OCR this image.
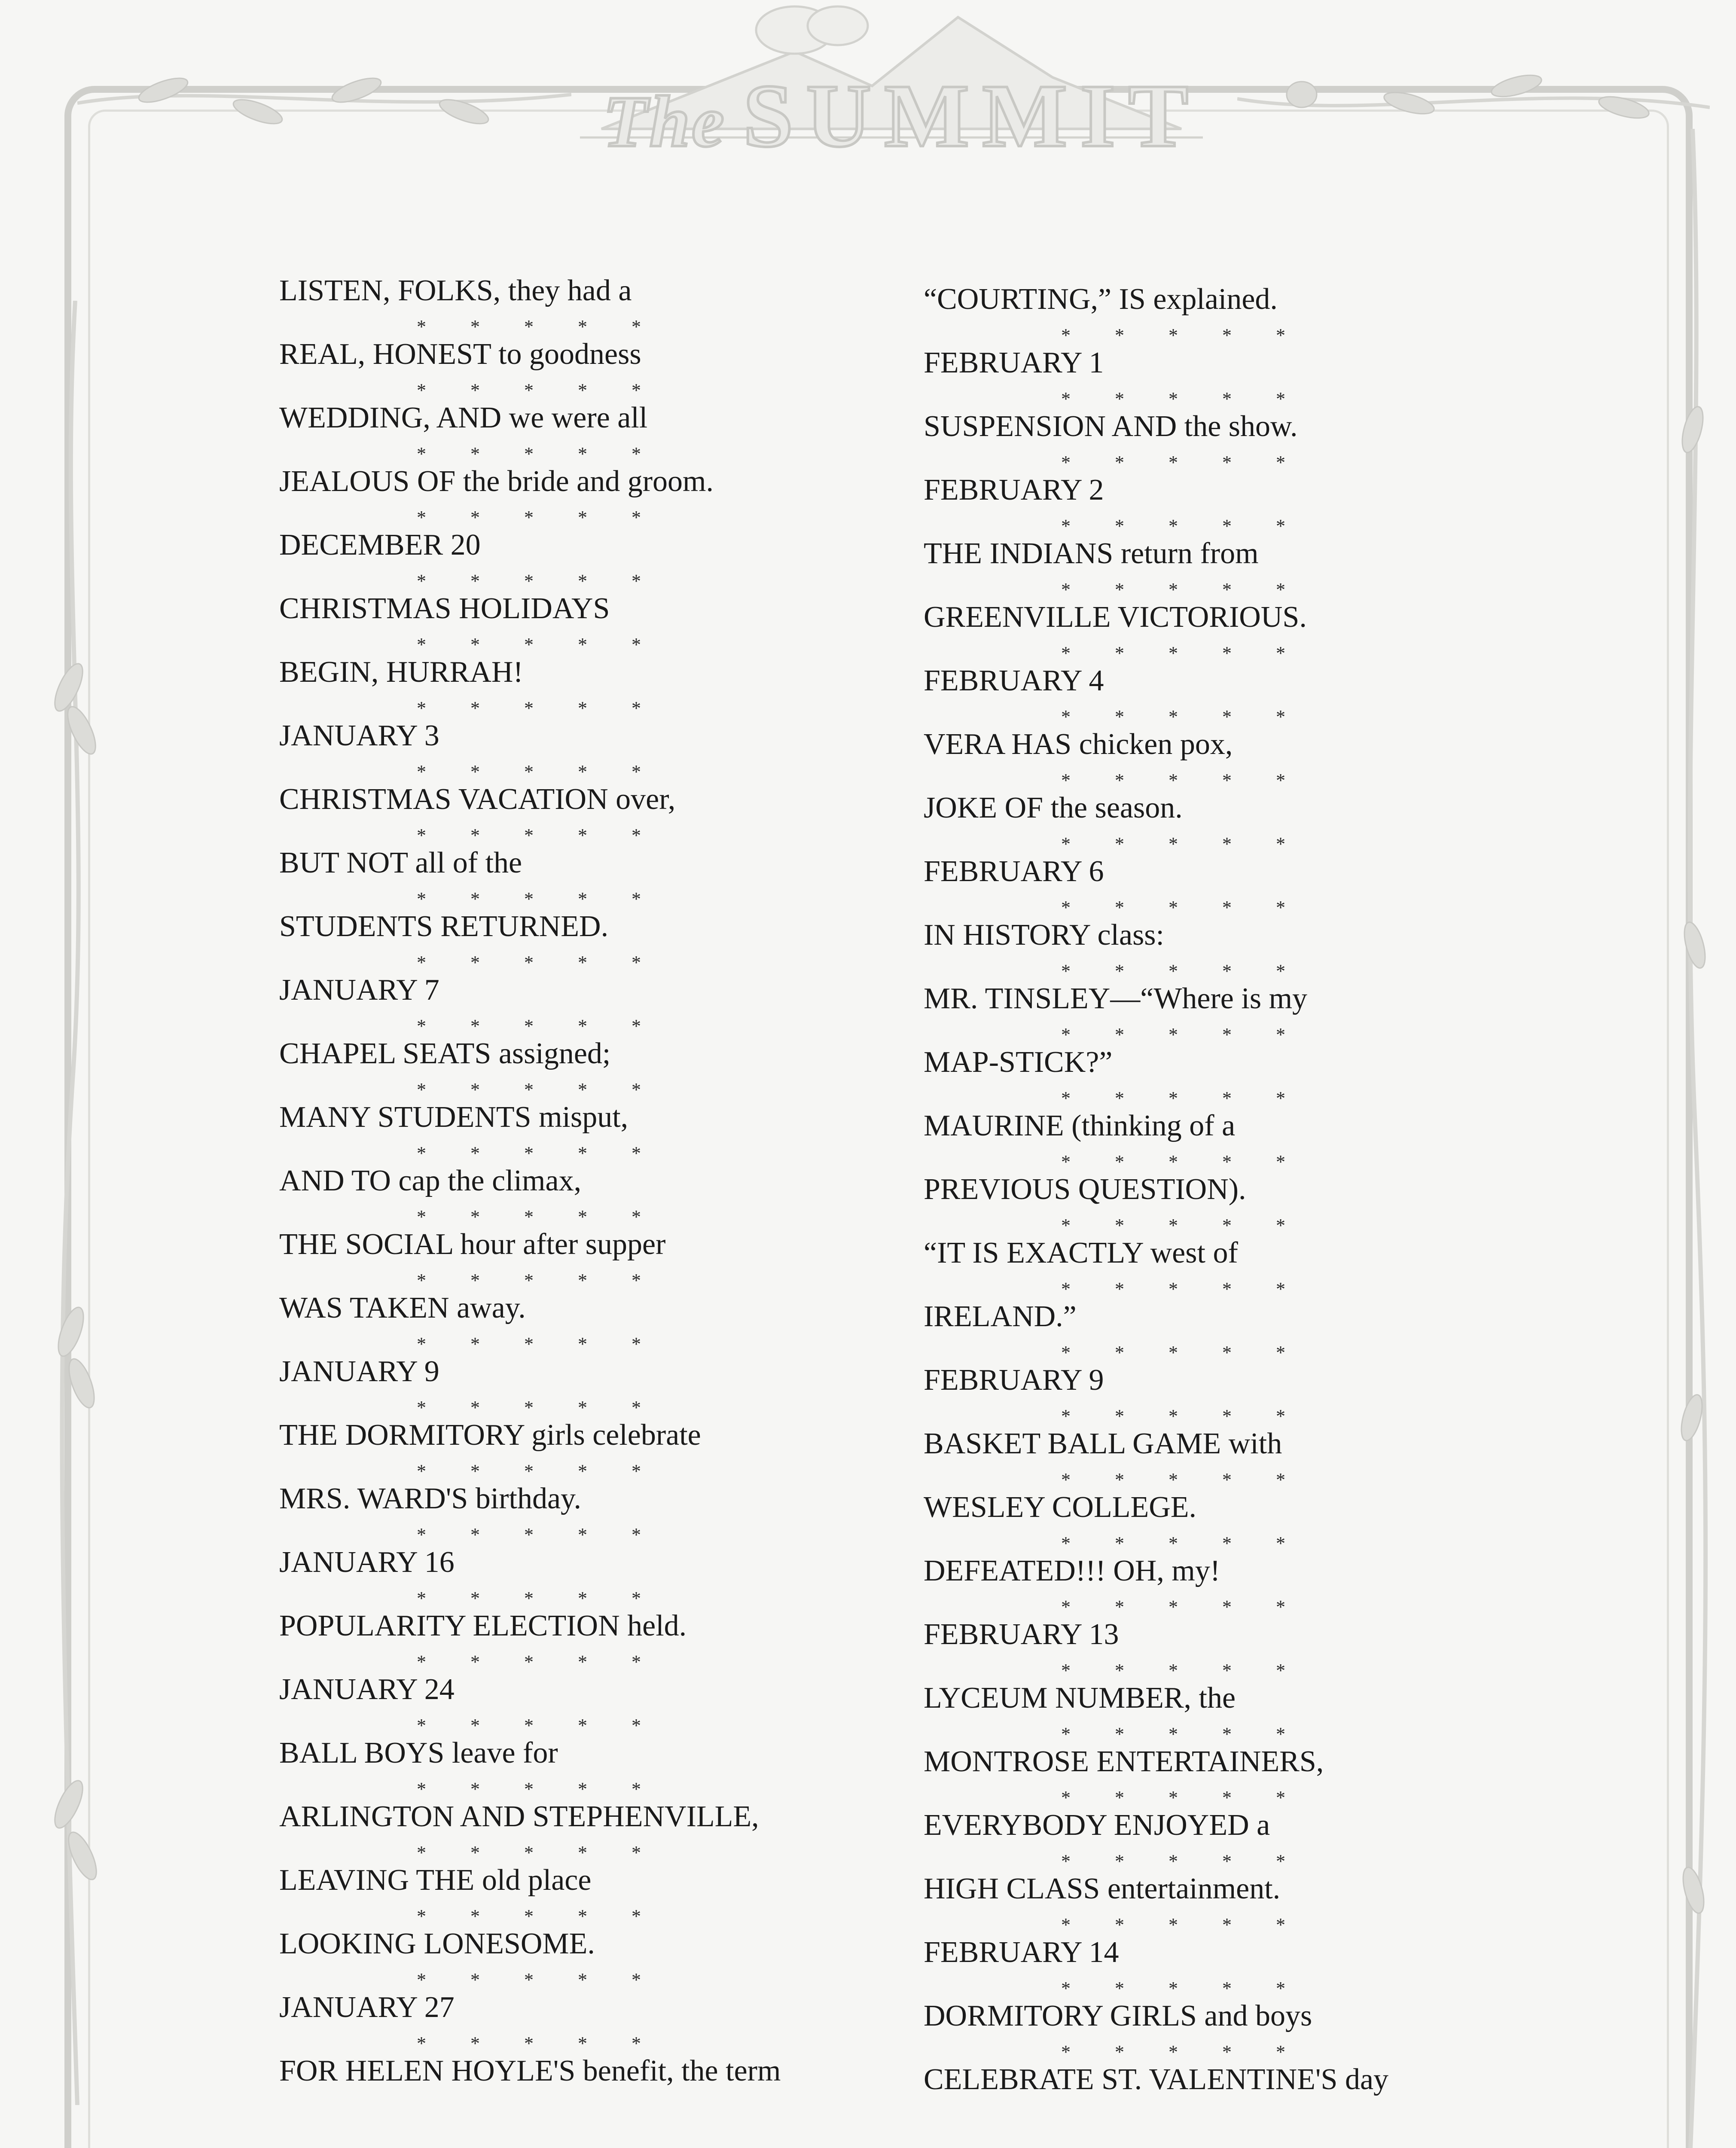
The SUMMIT
LISTEN, FOLKS, they had a
* * * * *
REAL, HONEST to goodness
* * * * *
WEDDING, AND we were all
* * * * *
JEALOUS OF the bride and groom.
* * * * *
DECEMBER 20
* * * * *
CHRISTMAS HOLIDAYS
* * * * *
BEGIN, HURRAH!
* * * * *
JANUARY 3
* * * * *
CHRISTMAS VACATION over,
* * * * *
BUT NOT all of the
* * * * *
STUDENTS RETURNED.
* * * * *
JANUARY 7
* * * * *
CHAPEL SEATS assigned;
* * * * *
MANY STUDENTS misput,
* * * * *
AND TO cap the climax,
* * * * *
THE SOCIAL hour after supper
* * * * *
WAS TAKEN away.
* * * * *
JANUARY 9
* * * * *
THE DORMITORY girls celebrate
* * * * *
MRS. WARD'S birthday.
* * * * *
JANUARY 16
* * * * *
POPULARITY ELECTION held.
* * * * *
JANUARY 24
* * * * *
BALL BOYS leave for
* * * * *
ARLINGTON AND STEPHENVILLE,
* * * * *
LEAVING THE old place
* * * * *
LOOKING LONESOME.
* * * * *
JANUARY 27
* * * * *
FOR HELEN HOYLE'S benefit, the term
“COURTING,” IS explained.
* * * * *
FEBRUARY 1
* * * * *
SUSPENSION AND the show.
* * * * *
FEBRUARY 2
* * * * *
THE INDIANS return from
* * * * *
GREENVILLE VICTORIOUS.
* * * * *
FEBRUARY 4
* * * * *
VERA HAS chicken pox,
* * * * *
JOKE OF the season.
* * * * *
FEBRUARY 6
* * * * *
IN HISTORY class:
* * * * *
MR. TINSLEY—“Where is my
* * * * *
MAP-STICK?”
* * * * *
MAURINE (thinking of a
* * * * *
PREVIOUS QUESTION).
* * * * *
“IT IS EXACTLY west of
* * * * *
IRELAND.”
* * * * *
FEBRUARY 9
* * * * *
BASKET BALL GAME with
* * * * *
WESLEY COLLEGE.
* * * * *
DEFEATED!!! OH, my!
* * * * *
FEBRUARY 13
* * * * *
LYCEUM NUMBER, the
* * * * *
MONTROSE ENTERTAINERS,
* * * * *
EVERYBODY ENJOYED a
* * * * *
HIGH CLASS entertainment.
* * * * *
FEBRUARY 14
* * * * *
DORMITORY GIRLS and boys
* * * * *
CELEBRATE ST. VALENTINE'S day
